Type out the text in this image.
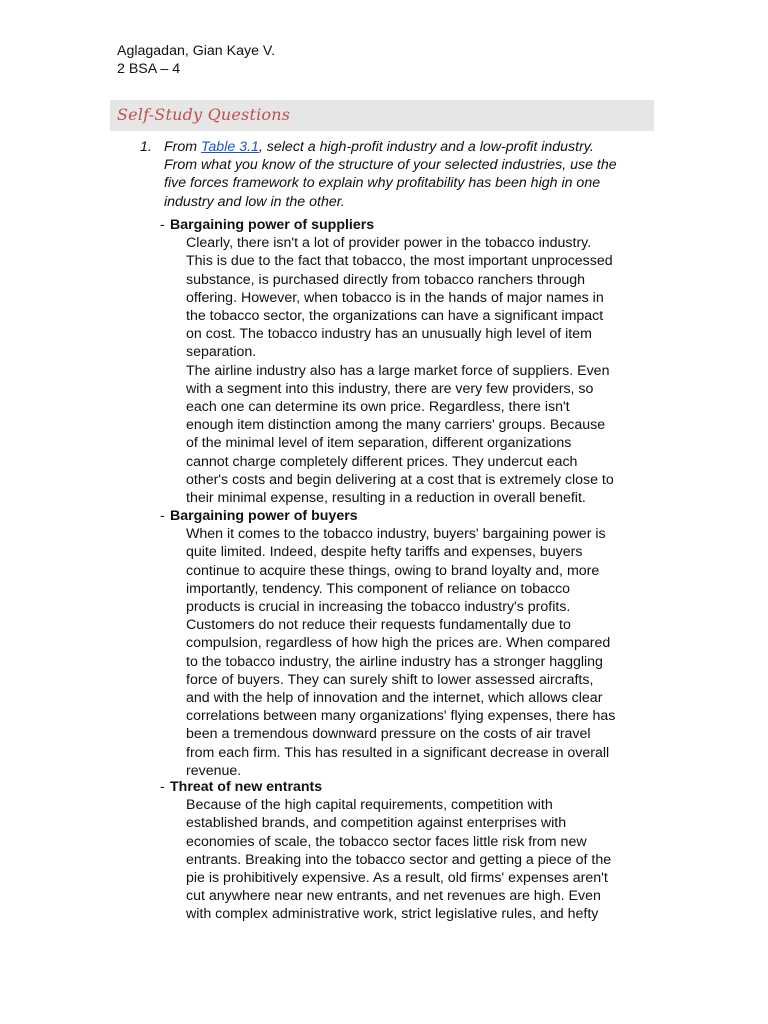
Aglagadan, Gian Kaye V.
2 BSA – 4
Self-Study Questions
1. From Table 3.1, select a high-profit industry and a low-profit industry.
From what you know of the structure of your selected industries, use the
five forces framework to explain why profitability has been high in one
industry and low in the other.
- Bargaining power of suppliers
Clearly, there isn't a lot of provider power in the tobacco industry.
This is due to the fact that tobacco, the most important unprocessed
substance, is purchased directly from tobacco ranchers through
offering. However, when tobacco is in the hands of major names in
the tobacco sector, the organizations can have a significant impact
on cost. The tobacco industry has an unusually high level of item
separation.
The airline industry also has a large market force of suppliers. Even
with a segment into this industry, there are very few providers, so
each one can determine its own price. Regardless, there isn't
enough item distinction among the many carriers' groups. Because
of the minimal level of item separation, different organizations
cannot charge completely different prices. They undercut each
other's costs and begin delivering at a cost that is extremely close to
their minimal expense, resulting in a reduction in overall benefit.
- Bargaining power of buyers
When it comes to the tobacco industry, buyers' bargaining power is
quite limited. Indeed, despite hefty tariffs and expenses, buyers
continue to acquire these things, owing to brand loyalty and, more
importantly, tendency. This component of reliance on tobacco
products is crucial in increasing the tobacco industry's profits.
Customers do not reduce their requests fundamentally due to
compulsion, regardless of how high the prices are. When compared
to the tobacco industry, the airline industry has a stronger haggling
force of buyers. They can surely shift to lower assessed aircrafts,
and with the help of innovation and the internet, which allows clear
correlations between many organizations' flying expenses, there has
been a tremendous downward pressure on the costs of air travel
from each firm. This has resulted in a significant decrease in overall
revenue.
- Threat of new entrants
Because of the high capital requirements, competition with
established brands, and competition against enterprises with
economies of scale, the tobacco sector faces little risk from new
entrants. Breaking into the tobacco sector and getting a piece of the
pie is prohibitively expensive. As a result, old firms' expenses aren't
cut anywhere near new entrants, and net revenues are high. Even
with complex administrative work, strict legislative rules, and hefty
